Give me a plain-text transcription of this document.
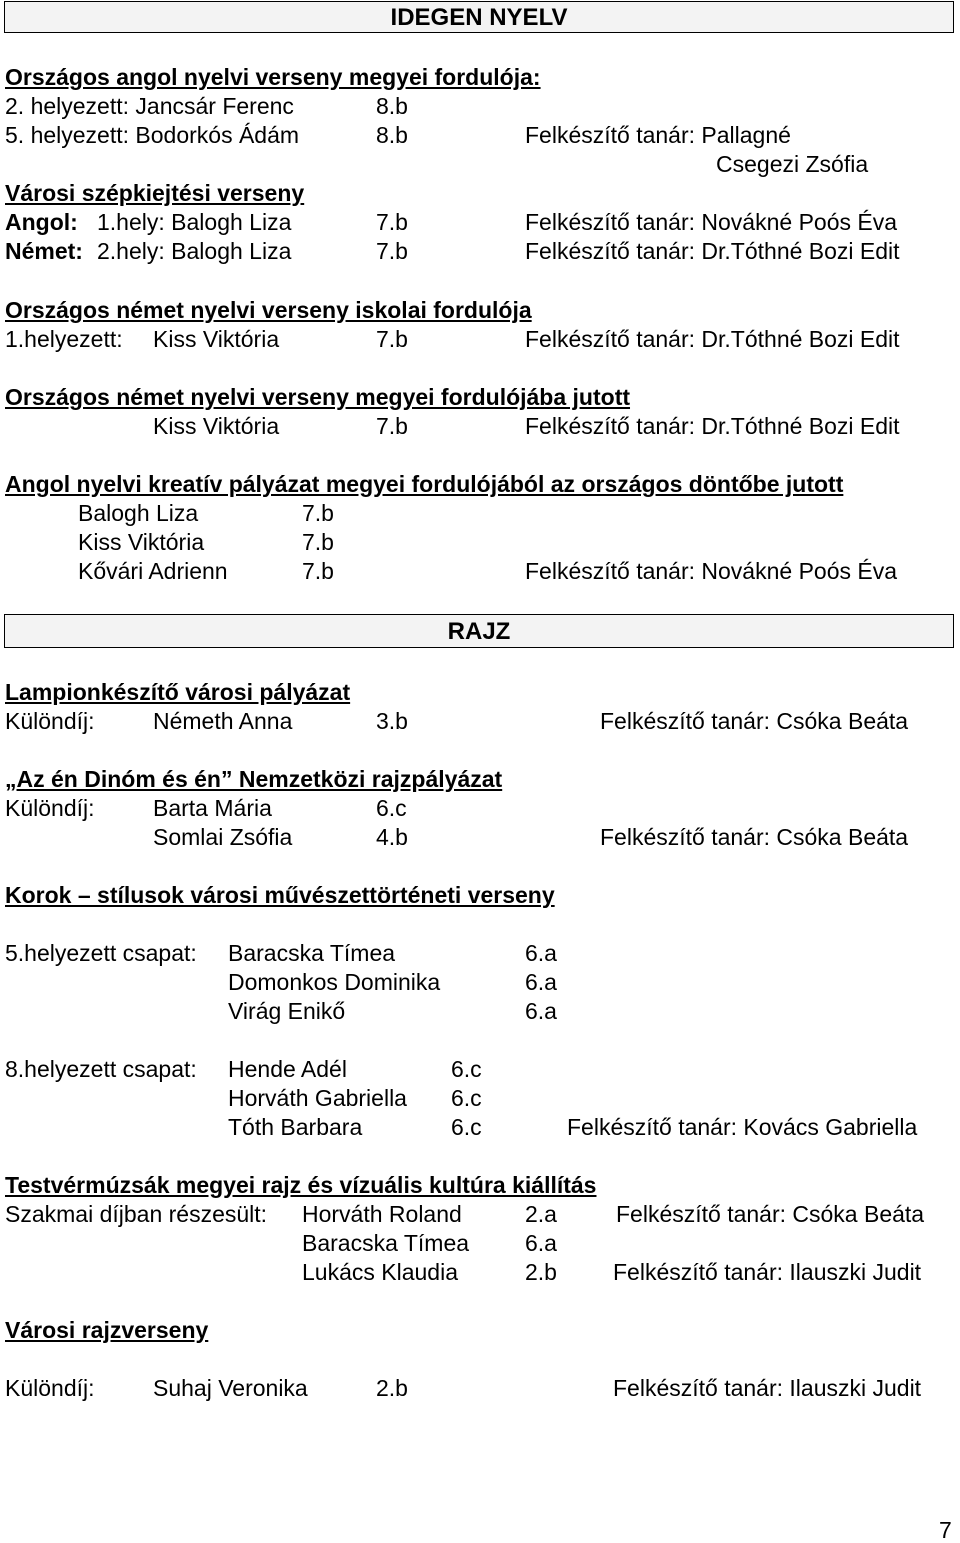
IDEGEN NYELV
Országos angol nyelvi verseny megyei fordulója:
2. helyezett: Jancsár Ferenc	8.b
5. helyezett: Bodorkós Ádám	8.b	Felkészítő tanár: Pallagné
Csegezi Zsófia
Városi szépkiejtési verseny
Angol: 1.hely: Balogh Liza	7.b	Felkészítő tanár: Novákné Poós Éva
Német: 2.hely: Balogh Liza	7.b	Felkészítő tanár: Dr.Tóthné Bozi Edit
Országos német nyelvi verseny iskolai fordulója
1.helyezett: Kiss Viktória	7.b	Felkészítő tanár: Dr.Tóthné Bozi Edit
Országos német nyelvi verseny megyei fordulójába jutott
Kiss Viktória	7.b	Felkészítő tanár: Dr.Tóthné Bozi Edit
Angol nyelvi kreatív pályázat megyei fordulójából az országos döntőbe jutott
Balogh Liza	7.b
Kiss Viktória	7.b
Kővári Adrienn	7.b	Felkészítő tanár: Novákné Poós Éva
RAJZ
Lampionkészítő városi pályázat
Különdíj:	Németh Anna	3.b	Felkészítő tanár: Csóka Beáta
„Az én Dinóm és én” Nemzetközi rajzpályázat
Különdíj:	Barta Mária	6.c
Somlai Zsófia	4.b	Felkészítő tanár: Csóka Beáta
Korok – stílusok városi művészettörténeti verseny
5.helyezett csapat: Baracska Tímea	6.a
Domonkos Dominika	6.a
Virág Enikő	6.a
8.helyezett csapat: Hende Adél	6.c
Horváth Gabriella 6.c
Tóth Barbara	6.c	Felkészítő tanár: Kovács Gabriella
Testvérmúzsák megyei rajz és vízuális kultúra kiállítás
Szakmai díjban részesült: Horváth Roland	2.a	Felkészítő tanár: Csóka Beáta
Baracska Tímea 6.a
Lukács Klaudia	2.b Felkészítő tanár: Ilauszki Judit
Városi rajzverseny
Különdíj:	Suhaj Veronika	2.b	Felkészítő tanár: Ilauszki Judit
7
